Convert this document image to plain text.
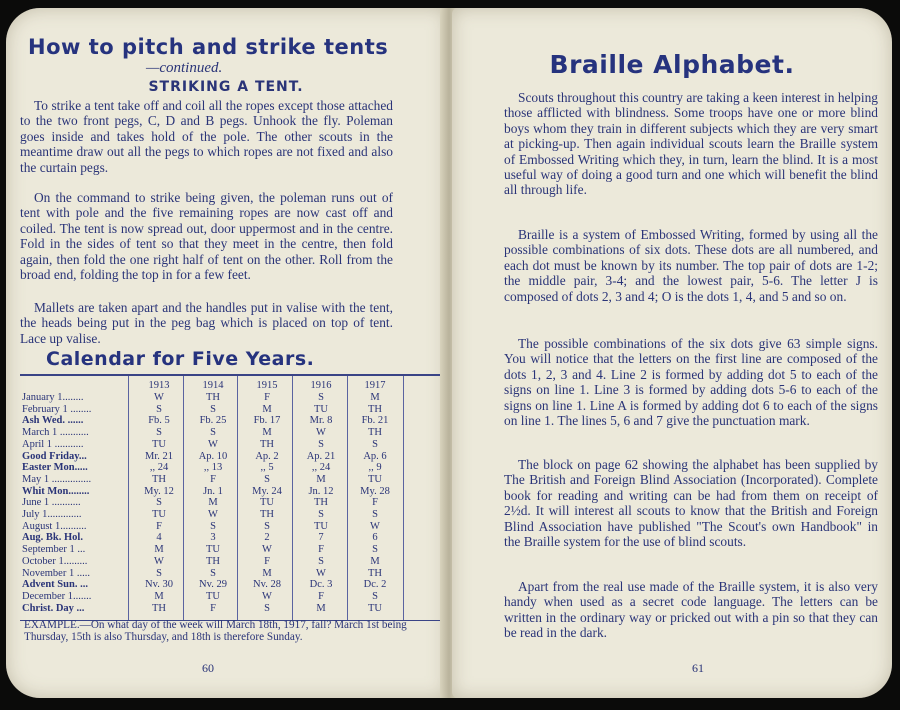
How to pitch and strike tents
—continued.
STRIKING A TENT.
To strike a tent take off and coil all the ropes except those attached to the two front pegs, C, D and B pegs. Unhook the fly. Poleman goes inside and takes hold of the pole. The other scouts in the meantime draw out all the pegs to which ropes are not fixed and also the curtain pegs.
On the command to strike being given, the poleman runs out of tent with pole and the five remaining ropes are now cast off and coiled. The tent is now spread out, door uppermost and in the centre. Fold in the sides of tent so that they meet in the centre, then fold again, then fold the one right half of tent on the other. Roll from the broad end, folding the top in for a few feet.
Mallets are taken apart and the handles put in valise with the tent, the heads being put in the peg bag which is placed on top of tent. Lace up valise.
Calendar for Five Years.
1913	1914	1915	1916	1917
January 1........	W	TH	F	S	M
February 1 ........	S	S	M	TU	TH
Ash Wed. ......	Fb. 5	Fb. 25	Fb. 17	Mr. 8	Fb. 21
March 1 ...........	S	S	M	W	TH
April 1 ...........	TU	W	TH	S	S
Good Friday...	Mr. 21	Ap. 10	Ap. 2	Ap. 21	Ap. 6
Easter Mon.....	,, 24	,, 13	,, 5	,, 24	,, 9
May 1 ...............	TH	F	S	M	TU
Whit Mon........	My. 12	Jn. 1	My. 24	Jn. 12	My. 28
June 1 ...........	S	M	TU	TH	F
July 1.............	TU	W	TH	S	S
August 1..........	F	S	S	TU	W
Aug. Bk. Hol.	4	3	2	7	6
September 1 ...	M	TU	W	F	S
October 1.........	W	TH	F	S	M
November 1 .....	S	S	M	W	TH
Advent Sun. ...	Nv. 30	Nv. 29	Nv. 28	Dc. 3	Dc. 2
December 1.......	M	TU	W	F	S
Christ. Day ...	TH	F	S	M	TU
EXAMPLE.—On what day of the week will March 18th, 1917, fall? March 1st being Thursday, 15th is also Thursday, and 18th is therefore Sunday.
60
Braille Alphabet.
Scouts throughout this country are taking a keen interest in helping those afflicted with blindness. Some troops have one or more blind boys whom they train in different subjects which they are very smart at picking-up. Then again individual scouts learn the Braille system of Embossed Writing which they, in turn, learn the blind. It is a most useful way of doing a good turn and one which will benefit the blind all through life.
Braille is a system of Embossed Writing, formed by using all the possible combinations of six dots. These dots are all numbered, and each dot must be known by its number. The top pair of dots are 1-2; the middle pair, 3-4; and the lowest pair, 5-6. The letter J is composed of dots 2, 3 and 4; O is the dots 1, 4, and 5 and so on.
The possible combinations of the six dots give 63 simple signs. You will notice that the letters on the first line are composed of the dots 1, 2, 3 and 4. Line 2 is formed by adding dot 5 to each of the signs on line 1. Line 3 is formed by adding dots 5-6 to each of the signs on line 1. Line A is formed by adding dot 6 to each of the signs on line 1. The lines 5, 6 and 7 give the punctuation mark.
The block on page 62 showing the alphabet has been supplied by The British and Foreign Blind Association (Incorporated). Complete book for reading and writing can be had from them on receipt of 2½d. It will interest all scouts to know that the British and Foreign Blind Association have published "The Scout's own Handbook" in the Braille system for the use of blind scouts.
Apart from the real use made of the Braille system, it is also very handy when used as a secret code language. The letters can be written in the ordinary way or pricked out with a pin so that they can be read in the dark.
61
